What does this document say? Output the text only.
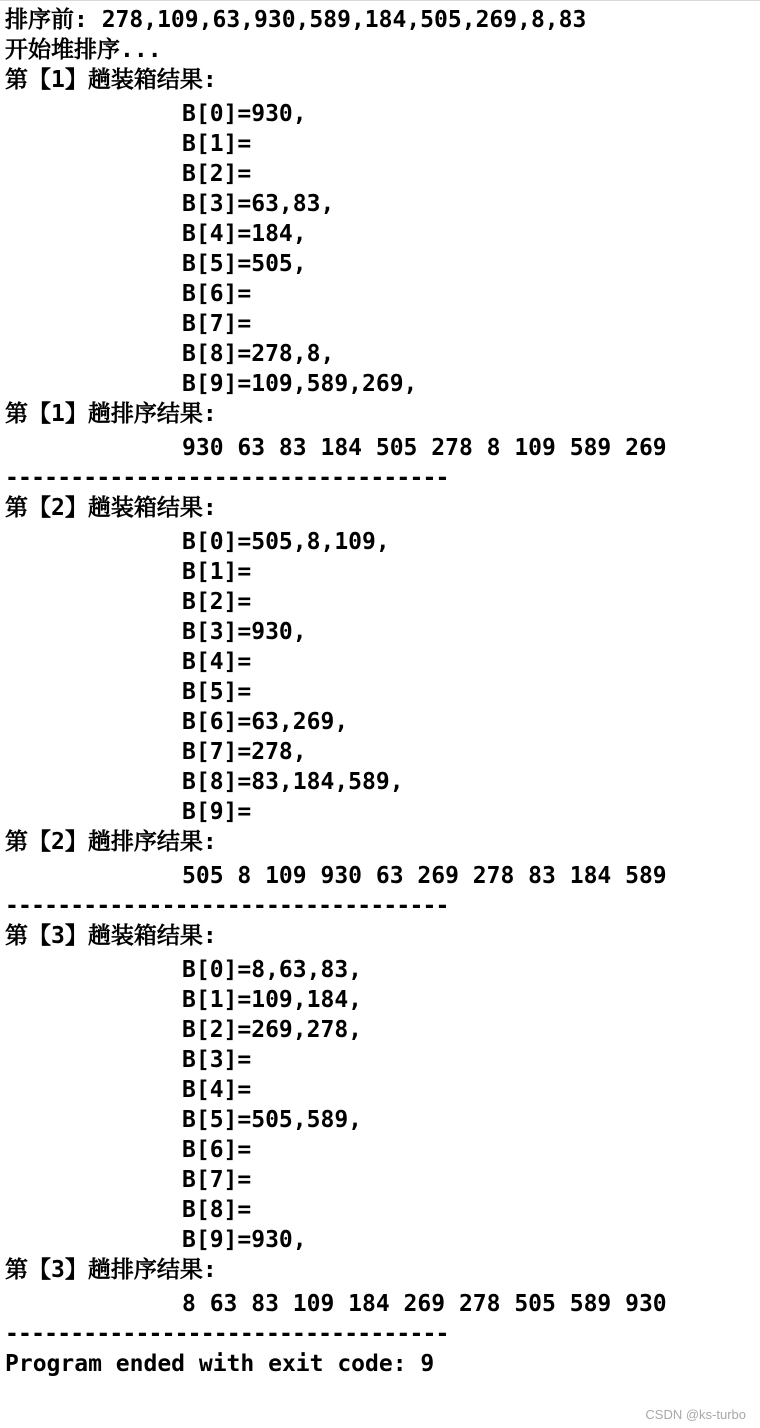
排序前: 278,109,63,930,589,184,505,269,8,83
开始堆排序...
第【1】趟装箱结果:
B[0]=930,
B[1]=
B[2]=
B[3]=63,83,
B[4]=184,
B[5]=505,
B[6]=
B[7]=
B[8]=278,8,
B[9]=109,589,269,
第【1】趟排序结果:
930 63 83 184 505 278 8 109 589 269
----------------------------------
第【2】趟装箱结果:
B[0]=505,8,109,
B[1]=
B[2]=
B[3]=930,
B[4]=
B[5]=
B[6]=63,269,
B[7]=278,
B[8]=83,184,589,
B[9]=
第【2】趟排序结果:
505 8 109 930 63 269 278 83 184 589
----------------------------------
第【3】趟装箱结果:
B[0]=8,63,83,
B[1]=109,184,
B[2]=269,278,
B[3]=
B[4]=
B[5]=505,589,
B[6]=
B[7]=
B[8]=
B[9]=930,
第【3】趟排序结果:
8 63 83 109 184 269 278 505 589 930
----------------------------------
Program ended with exit code: 9
CSDN @ks-turbo
